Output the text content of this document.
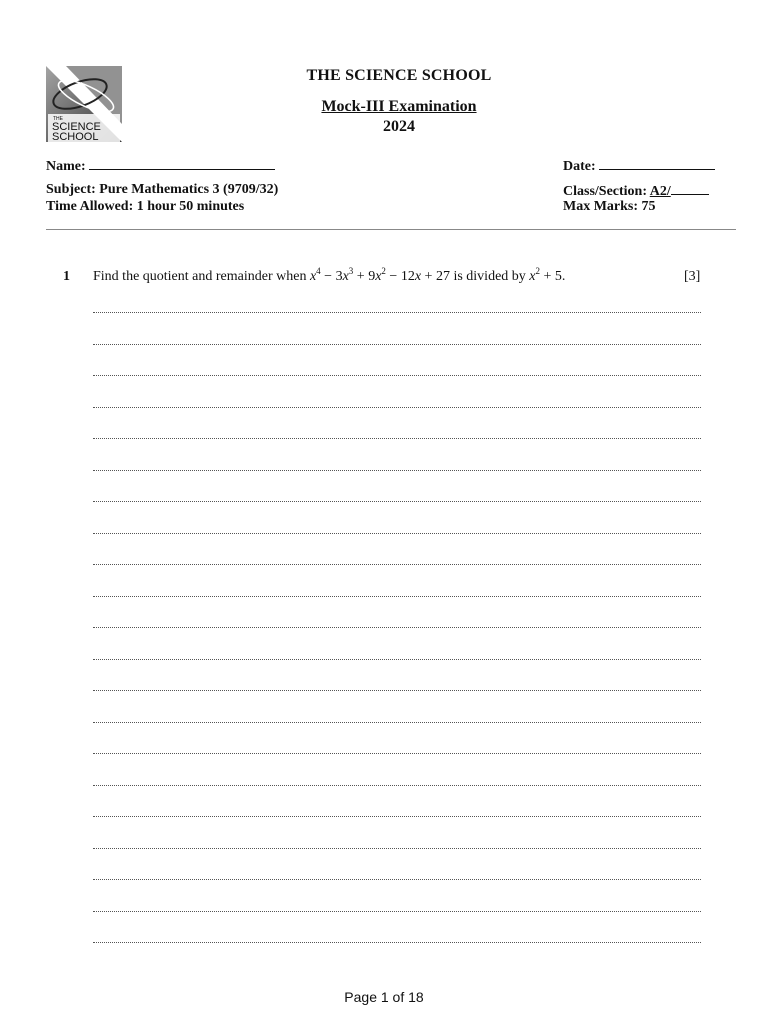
THE
SCIENCE
SCHOOL
THE SCIENCE SCHOOL
Mock-III Examination
2024
Name:	Date:
Subject: Pure Mathematics 3 (9709/32)	Class/Section: A2/
Time Allowed: 1 hour 50 minutes	Max Marks: 75
1 Find the quotient and remainder when $x^4 - 3x^3 + 9x^2 - 12x + 27$ is divided by $x^2 + 5$.	[3]
Page 1 of 18
